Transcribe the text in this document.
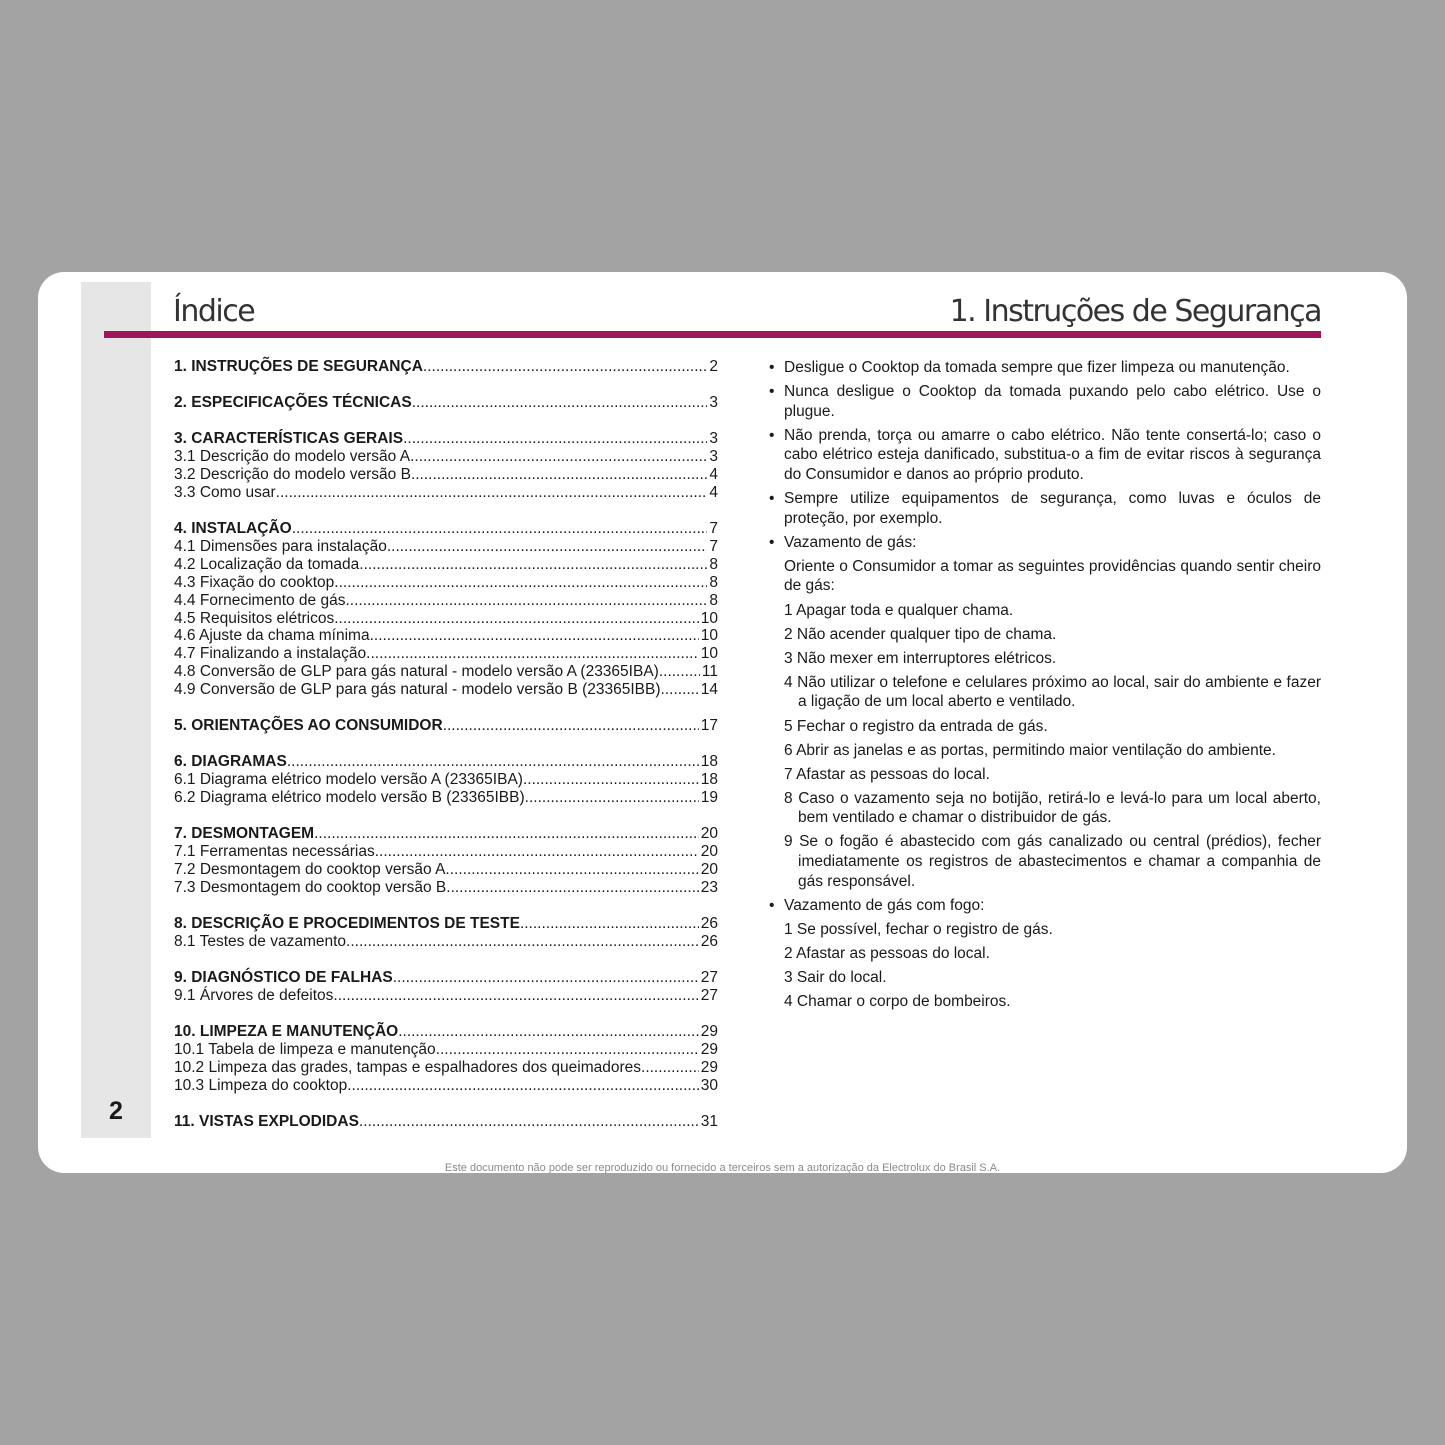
2
Índice	1. Instruções de Segurança
1. INSTRUÇÕES DE SEGURANÇA .....	2
2. ESPECIFICAÇÕES TÉCNICAS .....	3
3. CARACTERÍSTICAS GERAIS .....	3
3.1 Descrição do modelo versão A .....	3
3.2 Descrição do modelo versão B .....	4
3.3 Como usar .....	4
4. INSTALAÇÃO .....	7
4.1 Dimensões para instalação .....	7
4.2 Localização da tomada .....	8
4.3 Fixação do cooktop .....	8
4.4 Fornecimento de gás .....	8
4.5 Requisitos elétricos .....	10
4.6 Ajuste da chama mínima .....	10
4.7 Finalizando a instalação .....	10
4.8 Conversão de GLP para gás natural - modelo versão A (23365IBA) .....	11
4.9 Conversão de GLP para gás natural - modelo versão B (23365IBB) .....	14
5. ORIENTAÇÕES AO CONSUMIDOR .....	17
6. DIAGRAMAS .....	18
6.1 Diagrama elétrico modelo versão A (23365IBA) .....	18
6.2 Diagrama elétrico modelo versão B (23365IBB) .....	19
7. DESMONTAGEM .....	20
7.1 Ferramentas necessárias .....	20
7.2 Desmontagem do cooktop versão A .....	20
7.3 Desmontagem do cooktop versão B .....	23
8. DESCRIÇÃO E PROCEDIMENTOS DE TESTE .....	26
8.1 Testes de vazamento .....	26
9. DIAGNÓSTICO DE FALHAS .....	27
9.1 Árvores de defeitos .....	27
10. LIMPEZA E MANUTENÇÃO .....	29
10.1 Tabela de limpeza e manutenção .....	29
10.2 Limpeza das grades, tampas e espalhadores dos queimadores .....	29
10.3 Limpeza do cooktop .....	30
11. VISTAS EXPLODIDAS .....	31
• Desligue o Cooktop da tomada sempre que fizer limpeza ou manutenção.
• Nunca desligue o Cooktop da tomada puxando pelo cabo elétrico. Use o plugue.
• Não prenda, torça ou amarre o cabo elétrico. Não tente consertá-lo; caso o cabo elétrico esteja danificado, substitua-o a fim de evitar riscos à segurança do Consumidor e danos ao próprio produto.
• Sempre utilize equipamentos de segurança, como luvas e óculos de proteção, por exemplo.
• Vazamento de gás:
Oriente o Consumidor a tomar as seguintes providências quando sentir cheiro de gás:
1 Apagar toda e qualquer chama.
2 Não acender qualquer tipo de chama.
3 Não mexer em interruptores elétricos.
4 Não utilizar o telefone e celulares próximo ao local, sair do ambiente e fazer a ligação de um local aberto e ventilado.
5 Fechar o registro da entrada de gás.
6 Abrir as janelas e as portas, permitindo maior ventilação do ambiente.
7 Afastar as pessoas do local.
8 Caso o vazamento seja no botijão, retirá-lo e levá-lo para um local aberto, bem ventilado e chamar o distribuidor de gás.
9 Se o fogão é abastecido com gás canalizado ou central (prédios), fecher imediatamente os registros de abastecimentos e chamar a companhia de gás responsável.
• Vazamento de gás com fogo:
1 Se possível, fechar o registro de gás.
2 Afastar as pessoas do local.
3 Sair do local.
4 Chamar o corpo de bombeiros.
Este documento não pode ser reproduzido ou fornecido a terceiros sem a autorização da Electrolux do Brasil S.A.
